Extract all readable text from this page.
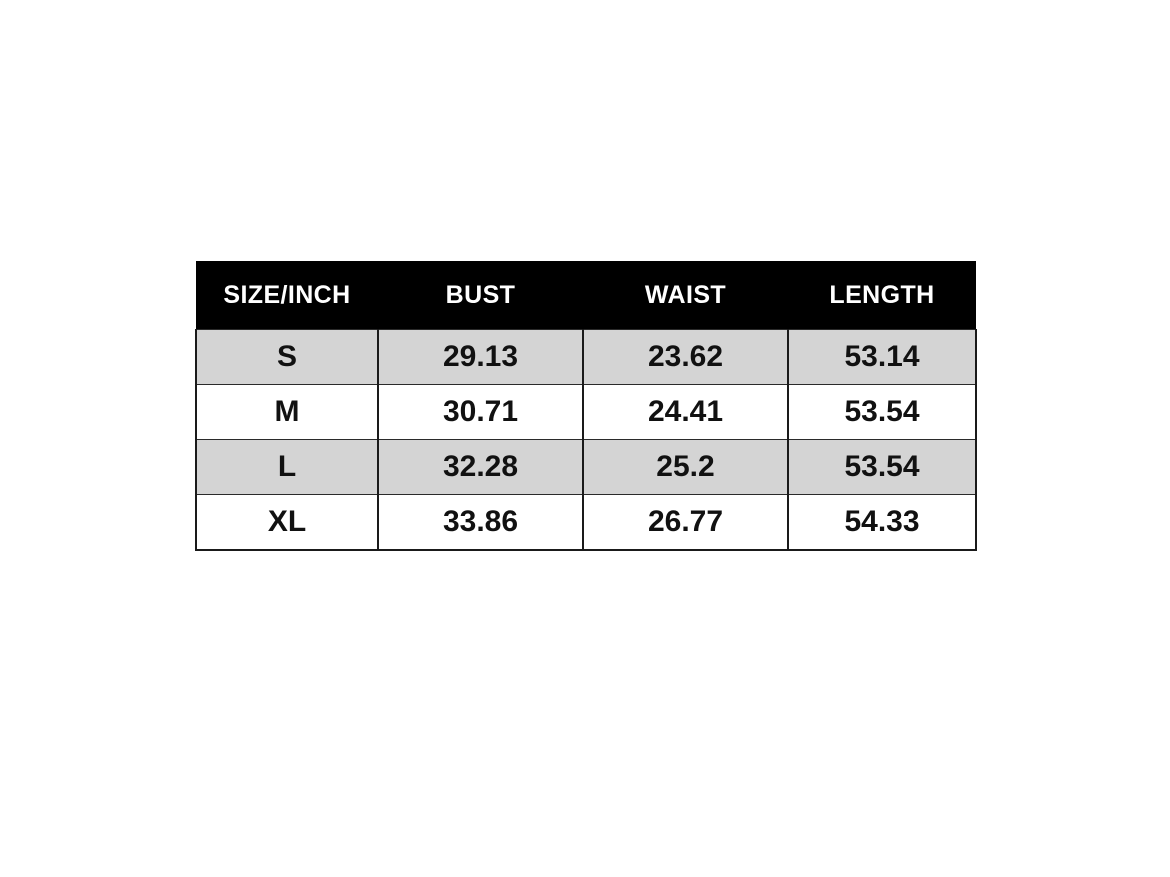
SIZE/INCH	BUST	WAIST	LENGTH
S	29.13	23.62	53.14
M	30.71	24.41	53.54
L	32.28	25.2	53.54
XL	33.86	26.77	54.33
